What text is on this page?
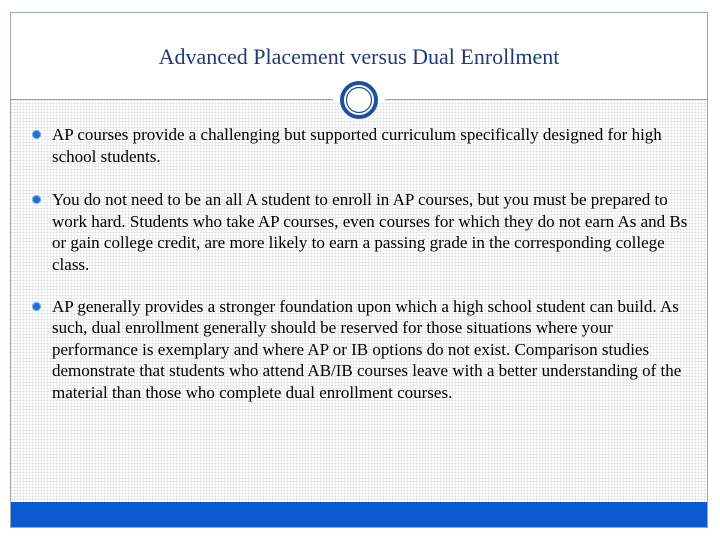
Advanced Placement versus Dual Enrollment
AP courses provide a challenging but supported curriculum specifically designed for high school students.
You do not need to be an all A student to enroll in AP courses, but you must be prepared to work hard. Students who take AP courses, even courses for which they do not earn As and Bs or gain college credit, are more likely to earn a passing grade in the corresponding college class.
AP generally provides a stronger foundation upon which a high school student can build. As such, dual enrollment generally should be reserved for those situations where your performance is exemplary and where AP or IB options do not exist. Comparison studies demonstrate that students who attend AB/IB courses leave with a better understanding of the material than those who complete dual enrollment courses.
